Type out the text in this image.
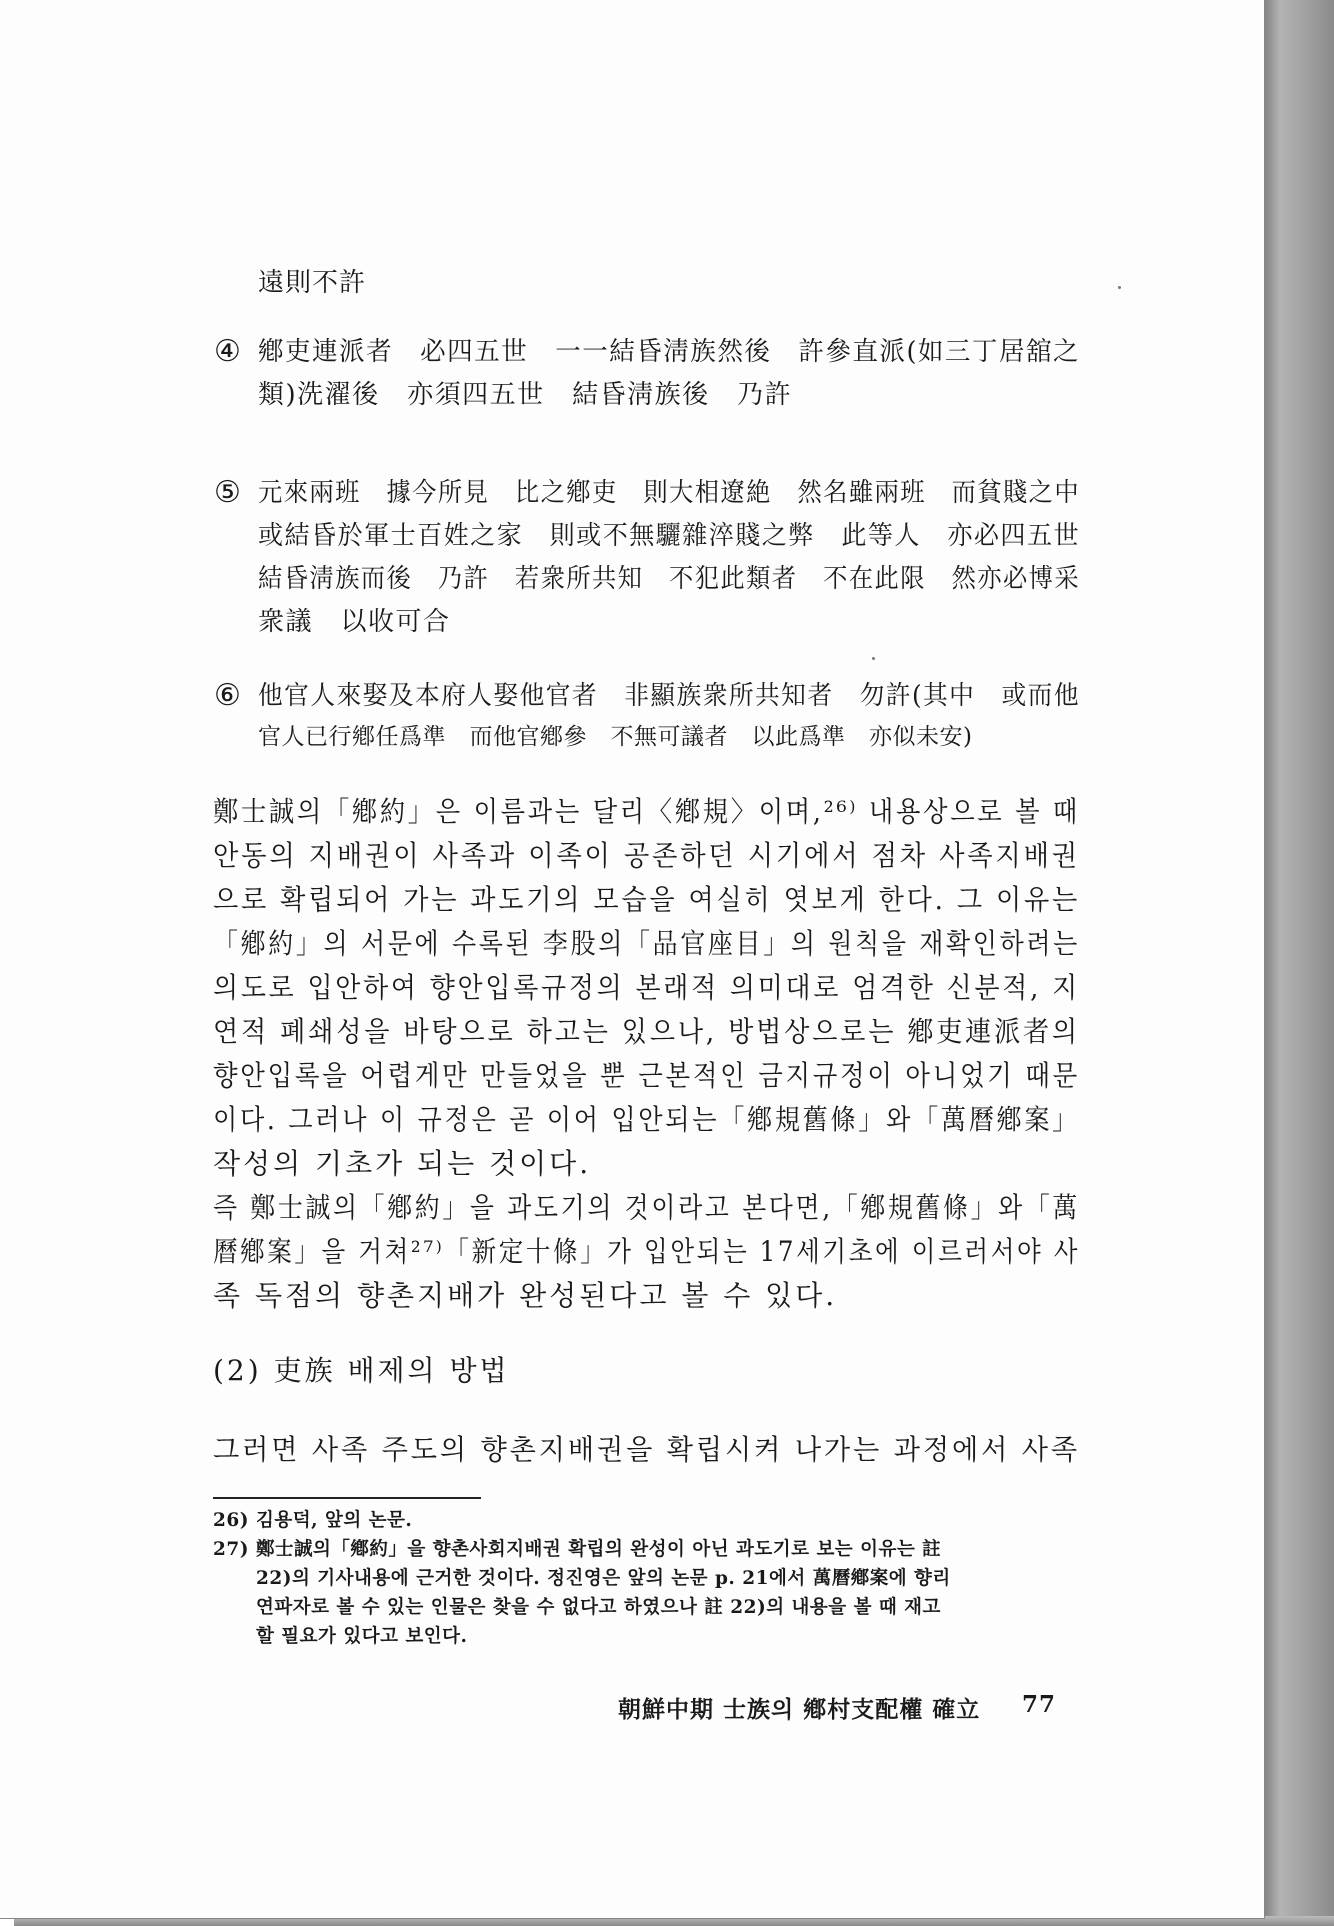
遠則不許
④ 鄕吏連派者　必四五世　一一結昏淸族然後　許參直派(如三丁居舘之
類)洗濯後　亦須四五世　結昏淸族後　乃許
⑤ 元來兩班　據今所見　比之鄕吏　則大相遼絶　然名雖兩班　而貧賤之中
或結昏於軍士百姓之家　則或不無驪雜淬賤之弊　此等人　亦必四五世
結昏淸族而後　乃許　若衆所共知　不犯此類者　不在此限　然亦必博采
衆議　以收可合
⑥ 他官人來娶及本府人娶他官者　非顯族衆所共知者　勿許(其中　或而他
官人已行鄕任爲準　而他官鄕參　不無可議者　以此爲準　亦似未安)
鄭士誠의「鄕約」은 이름과는 달리〈鄕規〉이며,²⁶⁾ 내용상으로 볼 때
안동의 지배권이 사족과 이족이 공존하던 시기에서 점차 사족지배권
으로 확립되어 가는 과도기의 모습을 여실히 엿보게 한다. 그 이유는
「鄕約」의 서문에 수록된 李股의「品官座目」의 원칙을 재확인하려는
의도로 입안하여 향안입록규정의 본래적 의미대로 엄격한 신분적, 지
연적 폐쇄성을 바탕으로 하고는 있으나, 방법상으로는 鄕吏連派者의
향안입록을 어렵게만 만들었을 뿐 근본적인 금지규정이 아니었기 때문
이다. 그러나 이 규정은 곧 이어 입안되는「鄕規舊條」와「萬曆鄕案」
작성의 기초가 되는 것이다.
즉 鄭士誠의「鄕約」을 과도기의 것이라고 본다면,「鄕規舊條」와「萬
曆鄕案」을 거쳐²⁷⁾「新定十條」가 입안되는 17세기초에 이르러서야 사
족 독점의 향촌지배가 완성된다고 볼 수 있다.
(2) 吏族 배제의 방법
그러면 사족 주도의 향촌지배권을 확립시켜 나가는 과정에서 사족
26) 김용덕, 앞의 논문.
27) 鄭士誠의「鄕約」을 향촌사회지배권 확립의 완성이 아닌 과도기로 보는 이유는 註
22)의 기사내용에 근거한 것이다. 정진영은 앞의 논문 p. 21에서 萬曆鄕案에 향리
연파자로 볼 수 있는 인물은 찾을 수 없다고 하였으나 註 22)의 내용을 볼 때 재고
할 필요가 있다고 보인다.
朝鮮中期 士族의 鄕村支配權 確立 77
